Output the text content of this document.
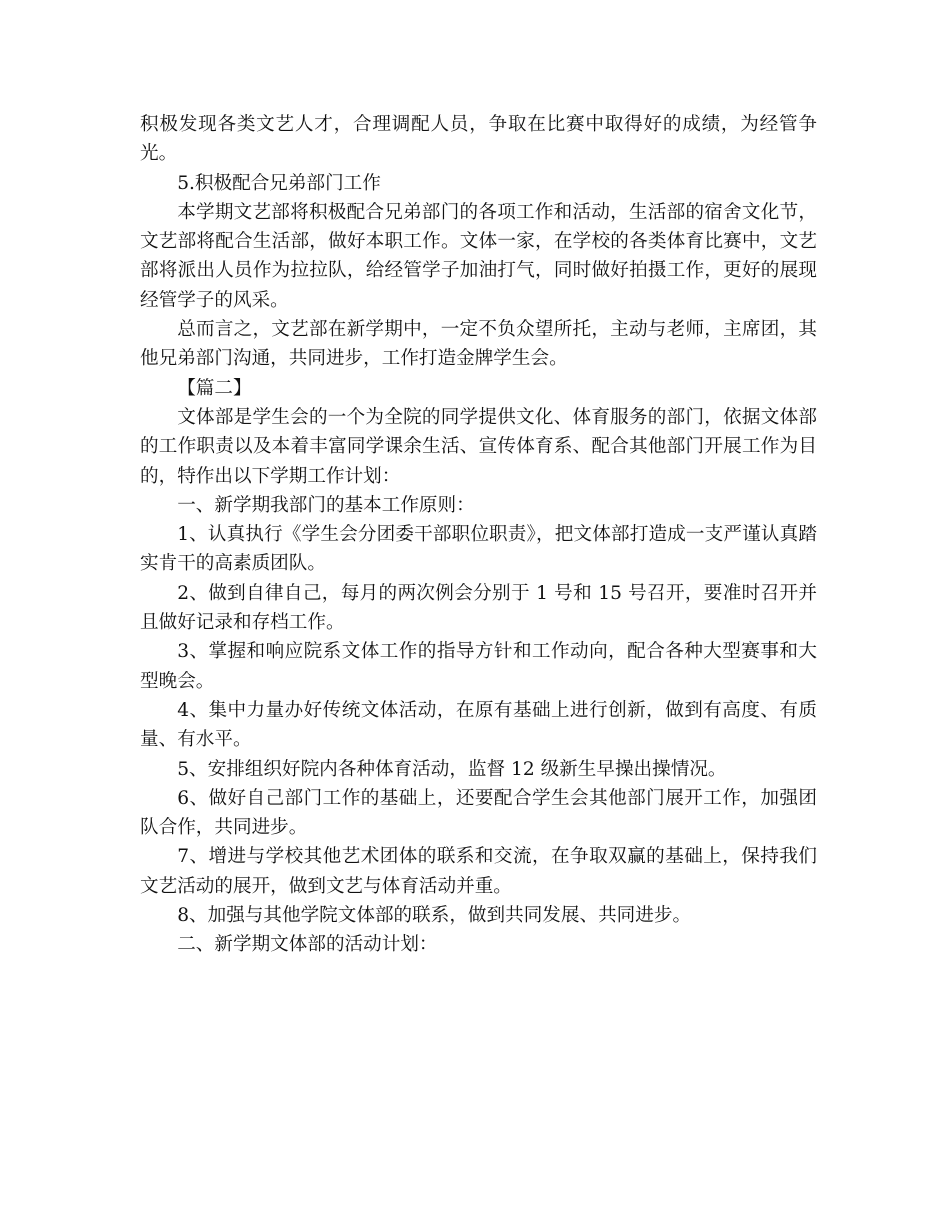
积极发现各类文艺人才，合理调配人员，争取在比赛中取得好的成绩，为经管争光。

5.积极配合兄弟部门工作

本学期文艺部将积极配合兄弟部门的各项工作和活动，生活部的宿舍文化节，文艺部将配合生活部，做好本职工作。文体一家，在学校的各类体育比赛中，文艺部将派出人员作为拉拉队，给经管学子加油打气，同时做好拍摄工作，更好的展现经管学子的风采。

总而言之，文艺部在新学期中，一定不负众望所托，主动与老师，主席团，其他兄弟部门沟通，共同进步，工作打造金牌学生会。

【篇二】

文体部是学生会的一个为全院的同学提供文化、体育服务的部门，依据文体部的工作职责以及本着丰富同学课余生活、宣传体育系、配合其他部门开展工作为目的，特作出以下学期工作计划：

一、新学期我部门的基本工作原则：

1、认真执行《学生会分团委干部职位职责》，把文体部打造成一支严谨认真踏实肯干的高素质团队。

2、做到自律自己，每月的两次例会分别于 1 号和 15 号召开，要准时召开并且做好记录和存档工作。

3、掌握和响应院系文体工作的指导方针和工作动向，配合各种大型赛事和大型晚会。

4、集中力量办好传统文体活动，在原有基础上进行创新，做到有高度、有质量、有水平。

5、安排组织好院内各种体育活动，监督 12 级新生早操出操情况。

6、做好自己部门工作的基础上，还要配合学生会其他部门展开工作，加强团队合作，共同进步。

7、增进与学校其他艺术团体的联系和交流，在争取双赢的基础上，保持我们文艺活动的展开，做到文艺与体育活动并重。

8、加强与其他学院文体部的联系，做到共同发展、共同进步。

二、新学期文体部的活动计划：
